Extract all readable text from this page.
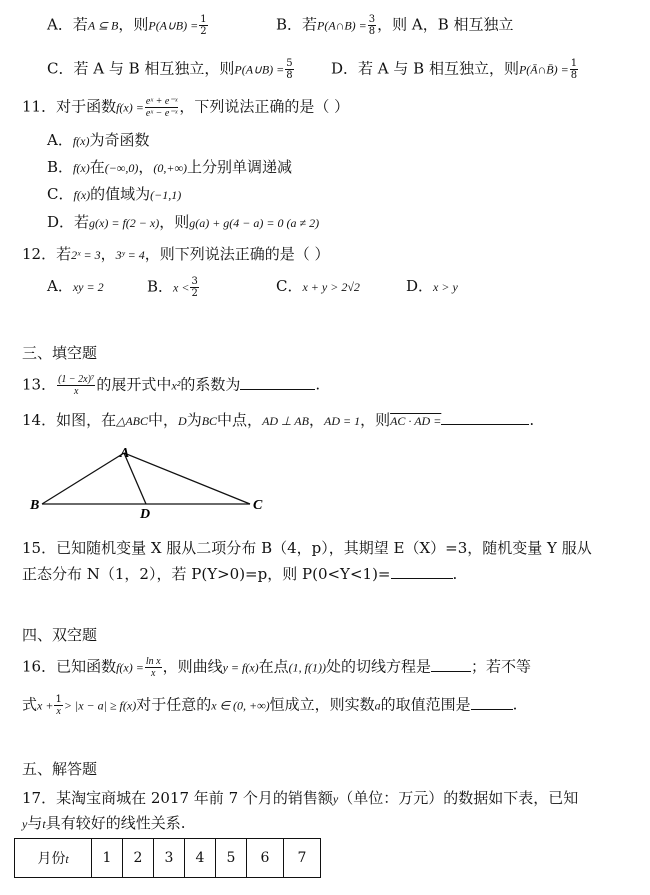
A．若A ⊆ B，则P(A∪B) = $\frac{1}{2}$	B．若P(A∩B) = $\frac{3}{8}$ ，则 A，B 相互独立
C．若 A 与 B 相互独立，则P(A∪B) = $\frac{5}{8}$ D．若 A 与 B 相互独立，则P(Ā∩B̄) = $\frac{1}{8}$
11．对于函数$f(x) = \frac{\text{eˣ + e⁻ˣ}}{\text{eˣ − e⁻ˣ}}$ ，下列说法正确的是（ ）
A．f(x)为奇函数
B．f(x)在(−∞,0)，(0,+∞)上分别单调递减
C．f(x)的值域为(−1,1)
D．若g(x) = f(2 − x)，则g(a) + g(4 − a) = 0 (a ≠ 2)
12．若2ˣ = 3，3ʸ = 4，则下列说法正确的是（ ）
A．xy = 2	B．$x < \frac{3}{2}$	C．x + y > 2√2	D．x > y
三、填空题
13． $\frac{\text{(1 − 2x)⁷}}{x}$ 的展开式中x²的系数为	.
14．如图，在△ABC中，D为BC中点，AD ⊥ AB，AD = 1，则AC · AD =	.
A
B	C
D
15．已知随机变量 X 服从二项分布 B（4，p），其期望 E（X）=3，随机变量 Y 服从
正态分布 N（1，2），若 P(Y>0)=p，则 P(0<Y<1)=	.
四、双空题
16．已知函数$f(x) = \frac{\text{ln x}}{x}$ ，则曲线y = f(x)在点(1, f(1))处的切线方程是	；若不等
式$x + \frac{1}{x} > |x - a| \ge f(x)$对于任意的x ∈ (0, +∞)恒成立，则实数a的取值范围是	.
五、解答题
17．某淘宝商城在 2017 年前 7 个月的销售额y（单位：万元）的数据如下表，已知
y与t具有较好的线性关系.
月份t	1	2	3	4	5	6	7
